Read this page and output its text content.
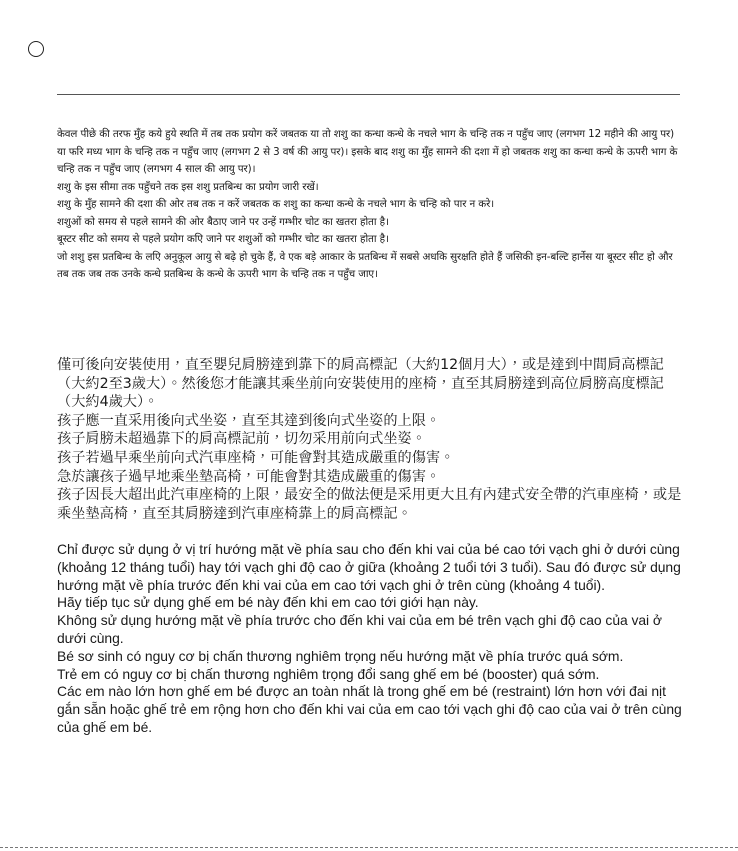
केवल पीछे की तरफ मुँह कये हुये स्थति में तब तक प्रयोग करें जबतक या तो शशु का कन्धा कन्धे के नचले भाग के चन्हि तक न पहुँच जाए (लगभग 12 महीने की आयु पर) या फरि मध्य भाग के चन्हि तक न पहुँच जाए (लगभग 2 से 3 वर्ष की आयु पर)। इसके बाद शशु का मुँह सामने की दशा में हो जबतक शशु का कन्धा कन्धे के ऊपरी भाग के चन्हि तक न पहुँच जाए (लगभग 4 साल की आयु पर)।

शशु के इस सीमा तक पहुँचने तक इस शशु प्रतबिन्ध का प्रयोग जारी रखें।

शशु के मुँह सामने की दशा की ओर तब तक न करें जबतक क शशु का कन्धा कन्धे के नचले भाग के चन्हि को पार न करे।

शशुओं को समय से पहले सामने की ओर बैठाए जाने पर उन्हें गम्भीर चोट का खतरा होता है।

बूस्टर सीट को समय से पहले प्रयोग कएि जाने पर शशुओं को गम्भीर चोट का खतरा होता है।

जो शशु इस प्रतबिन्ध के लएि अनुकूल आयु से बढ़े हो चुके हैं, वे एक बड़े आकार के प्रतबिन्ध में सबसे अधकि सुरक्षति होते हैं जसिकी इन-बल्टि हार्नेस या बूस्टर सीट हो और तब तक जब तक उनके कन्धे प्रतबिन्ध के कन्धे के ऊपरी भाग के चन्हि तक न पहुँच जाए।

僅可後向安裝使用，直至嬰兒肩膀達到靠下的肩高標記（大約12個月大），或是達到中間肩高標記（大約2至3歲大）。然後您才能讓其乘坐前向安裝使用的座椅，直至其肩膀達到高位肩膀高度標記（大約4歲大）。

孩子應一直采用後向式坐姿，直至其達到後向式坐姿的上限。

孩子肩膀未超過靠下的肩高標記前，切勿采用前向式坐姿。

孩子若過早乘坐前向式汽車座椅，可能會對其造成嚴重的傷害。

急於讓孩子過早地乘坐墊高椅，可能會對其造成嚴重的傷害。

孩子因長大超出此汽車座椅的上限，最安全的做法便是采用更大且有內建式安全帶的汽車座椅，或是乘坐墊高椅，直至其肩膀達到汽車座椅靠上的肩高標記。

Chỉ được sử dụng ở vị trí hướng mặt về phía sau cho đến khi vai của bé cao tới vạch ghi ở dưới cùng (khoảng 12 tháng tuổi) hay tới vạch ghi độ cao ở giữa (khoảng 2 tuổi tới 3 tuổi). Sau đó được sử dụng hướng mặt về phía trước đến khi vai của em cao tới vạch ghi ở trên cùng (khoảng 4 tuổi).

Hãy tiếp tục sử dụng ghế em bé này đến khi em cao tới giới hạn này.

Không sử dụng hướng mặt về phía trước cho đến khi vai của em bé trên vạch ghi độ cao của vai ở dưới cùng.

Bé sơ sinh có nguy cơ bị chấn thương nghiêm trọng nếu hướng mặt về phía trước quá sớm.

Trẻ em có nguy cơ bị chấn thương nghiêm trọng đổi sang ghế em bé (booster) quá sớm.

Các em nào lớn hơn ghế em bé được an toàn nhất là trong ghế em bé (restraint) lớn hơn với đai nịt gắn sẵn hoặc ghế trẻ em rộng hơn cho đến khi vai của em cao tới vạch ghi độ cao của vai ở trên cùng của ghế em bé.
